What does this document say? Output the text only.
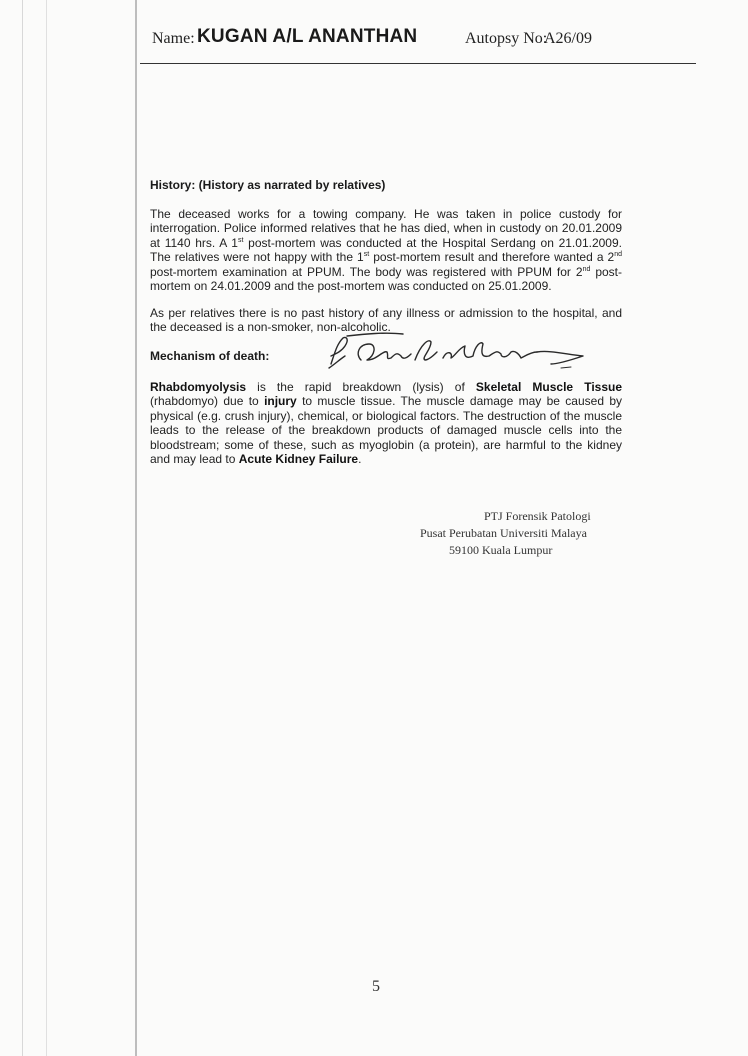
Name: KUGAN A/L ANANTHAN	Autopsy No:
A26/09
History: (History as narrated by relatives)
The deceased works for a towing company. He was taken in police custody for interrogation. Police informed relatives that he has died, when in custody on 20.01.2009 at 1140 hrs. A 1st post-mortem was conducted at the Hospital Serdang on 21.01.2009. The relatives were not happy with the 1st post-mortem result and therefore wanted a 2nd post-mortem examination at PPUM. The body was registered with PPUM for 2nd post-mortem on 24.01.2009 and the post-mortem was conducted on 25.01.2009.
As per relatives there is no past history of any illness or admission to the hospital, and the deceased is a non-smoker, non-alcoholic.
Mechanism of death:
Rhabdomyolysis is the rapid breakdown (lysis) of Skeletal Muscle Tissue (rhabdomyo) due to injury to muscle tissue. The muscle damage may be caused by physical (e.g. crush injury), chemical, or biological factors. The destruction of the muscle leads to the release of the breakdown products of damaged muscle cells into the bloodstream; some of these, such as myoglobin (a protein), are harmful to the kidney and may lead to Acute Kidney Failure.
PTJ Forensik Patologi
Pusat Perubatan Universiti Malaya
59100 Kuala Lumpur
5
